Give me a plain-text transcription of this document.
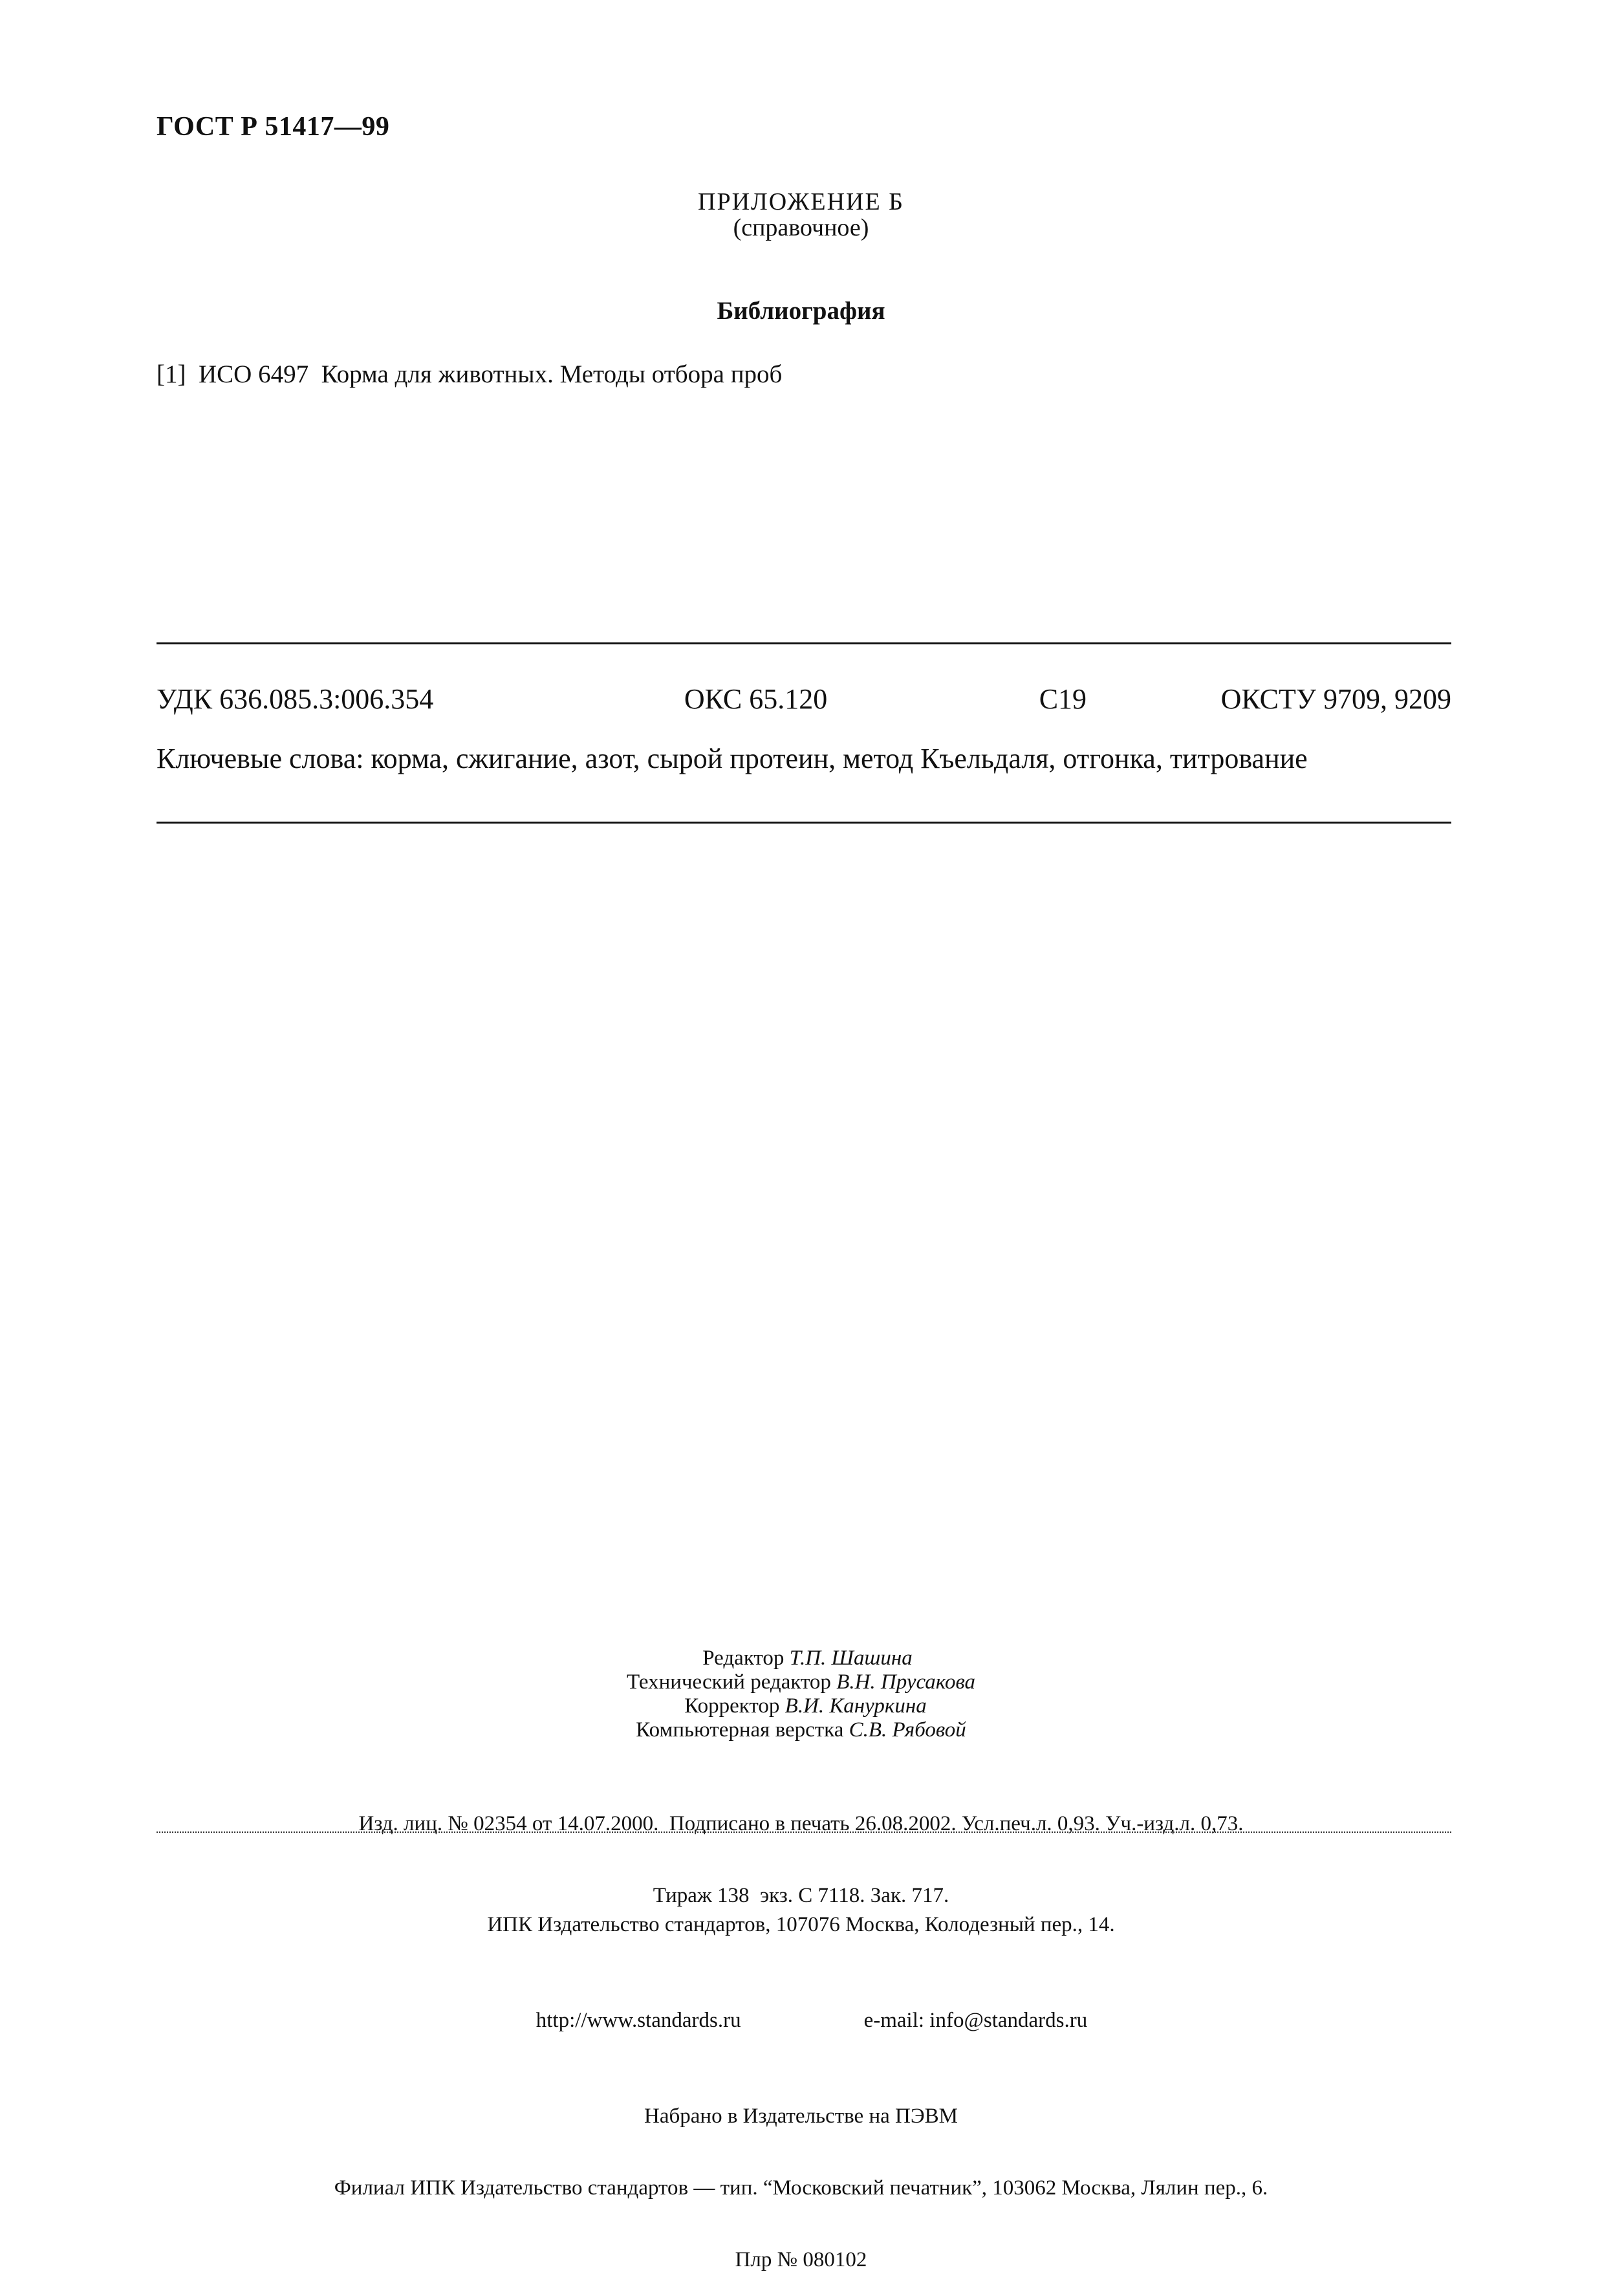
ГОСТ Р 51417—99
ПРИЛОЖЕНИЕ Б
(справочное)
Библиография
[1]  ИСО 6497  Корма для животных. Методы отбора проб
УДК 636.085.3:006.354	ОКС 65.120	С19	ОКСТУ 9709, 9209
Ключевые слова: корма, сжигание, азот, сырой протеин, метод Къельдаля, отгонка, титрование
Редактор Т.П. Шашина
Технический редактор В.Н. Прусакова
Корректор В.И. Кануркина
Компьютерная верстка С.В. Рябовой

Изд. лиц. № 02354 от 14.07.2000.  Подписано в печать 26.08.2002. Усл.печ.л. 0,93. Уч.-изд.л. 0,73.

Тираж 138  экз. С 7118. Зак. 717.

ИПК Издательство стандартов, 107076 Москва, Колодезный пер., 14.

http://www.standards.ru	e-mail: info@standards.ru

Набрано в Издательстве на ПЭВМ

Филиал ИПК Издательство стандартов — тип. “Московский печатник”, 103062 Москва, Лялин пер., 6.

Плр № 080102
